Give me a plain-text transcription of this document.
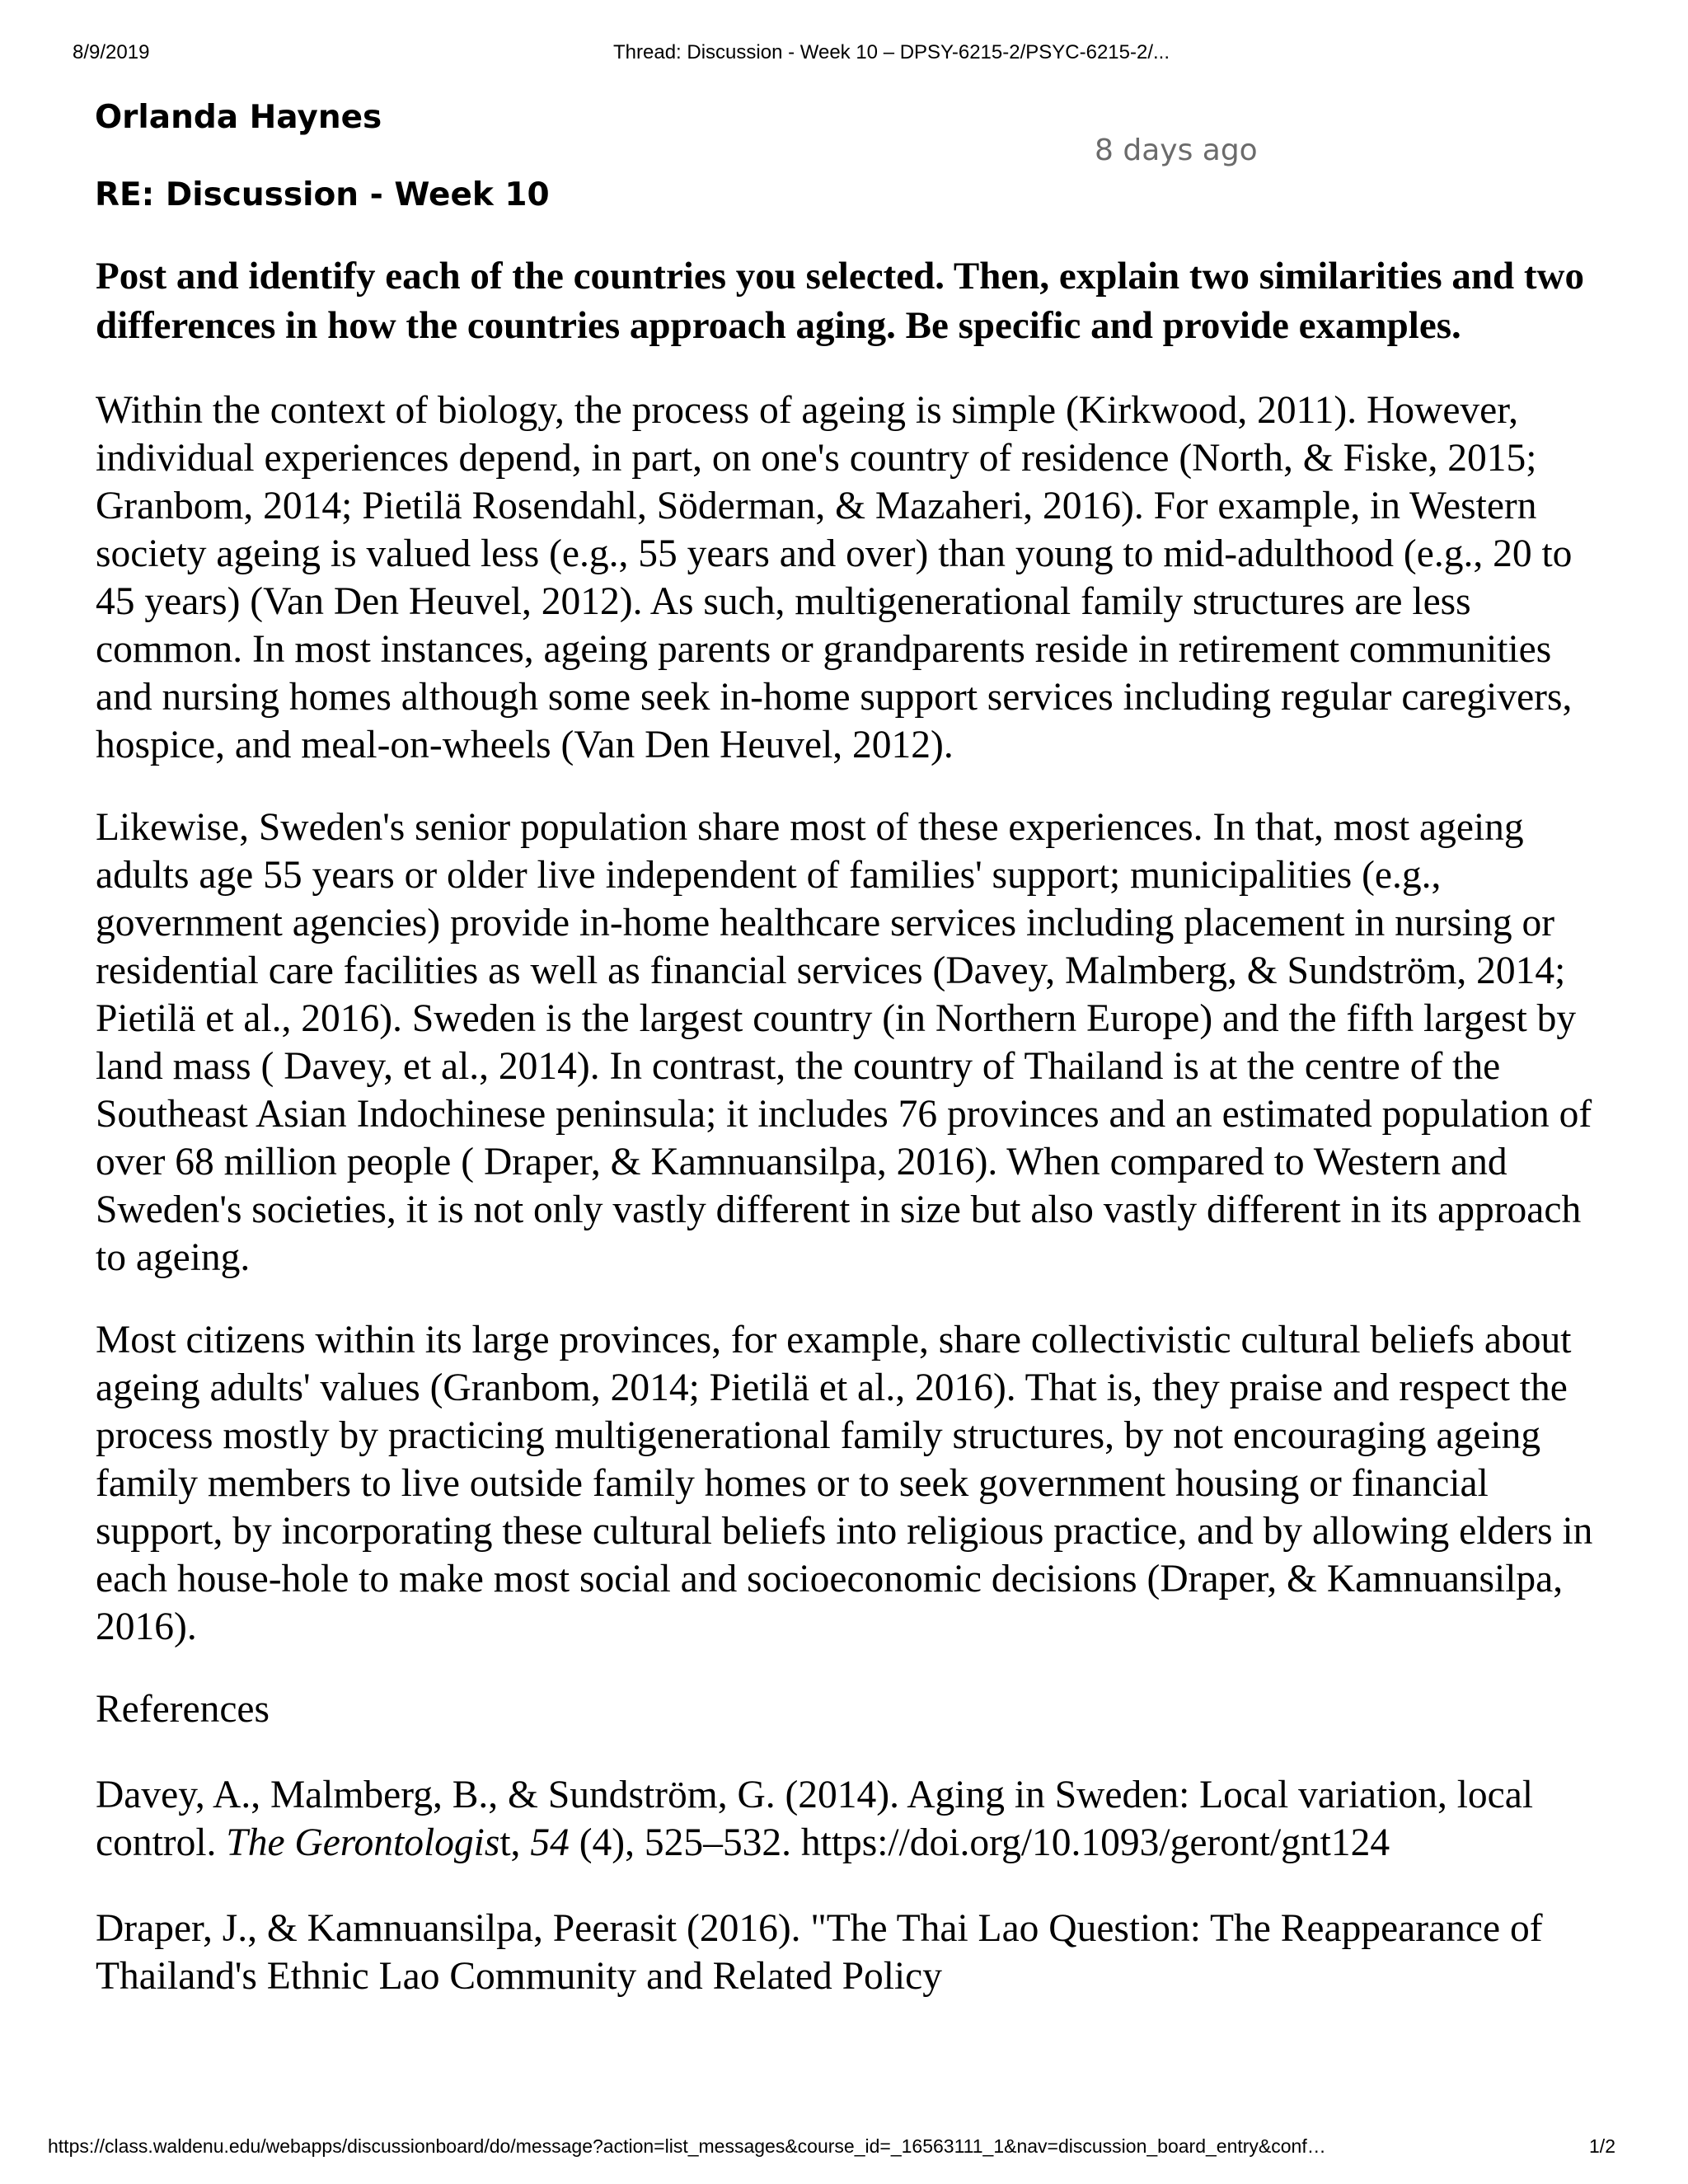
8/9/2019	Thread: Discussion - Week 10 – DPSY-6215-2/PSYC-6215-2/...
Orlanda Haynes
8 days ago
RE: Discussion - Week 10

Post and identify each of the countries you selected. Then, explain two similarities and two differences in how the countries approach aging. Be specific and provide examples.

Within the context of biology, the process of ageing is simple (Kirkwood, 2011). However, individual experiences depend, in part, on one's country of residence (North, & Fiske, 2015; Granbom, 2014; Pietilä Rosendahl, Söderman, & Mazaheri, 2016). For example, in Western society ageing is valued less (e.g., 55 years and over) than young to mid-adulthood (e.g., 20 to 45 years) (Van Den Heuvel, 2012). As such, multigenerational family structures are less common. In most instances, ageing parents or grandparents reside in retirement communities and nursing homes although some seek in-home support services including regular caregivers, hospice, and meal-on-wheels (Van Den Heuvel, 2012).

Likewise, Sweden's senior population share most of these experiences. In that, most ageing adults age 55 years or older live independent of families' support; municipalities (e.g., government agencies) provide in-home healthcare services including placement in nursing or residential care facilities as well as financial services (Davey, Malmberg, & Sundström, 2014; Pietilä et al., 2016). Sweden is the largest country (in Northern Europe) and the fifth largest by land mass ( Davey, et al., 2014). In contrast, the country of Thailand is at the centre of the Southeast Asian Indochinese peninsula; it includes 76 provinces and an estimated population of over 68 million people ( Draper, & Kamnuansilpa, 2016). When compared to Western and Sweden's societies, it is not only vastly different in size but also vastly different in its approach to ageing.

Most citizens within its large provinces, for example, share collectivistic cultural beliefs about ageing adults' values (Granbom, 2014; Pietilä et al., 2016). That is, they praise and respect the process mostly by practicing multigenerational family structures, by not encouraging ageing family members to live outside family homes or to seek government housing or financial support, by incorporating these cultural beliefs into religious practice, and by allowing elders in each house-hole to make most social and socioeconomic decisions (Draper, & Kamnuansilpa, 2016).

References

Davey, A., Malmberg, B., & Sundström, G. (2014). Aging in Sweden: Local variation, local control. The Gerontologist, 54 (4), 525–532. https://doi.org/10.1093/geront/gnt124

Draper, J., & Kamnuansilpa, Peerasit (2016). "The Thai Lao Question: The Reappearance of Thailand's Ethnic Lao Community and Related Policy

https://class.waldenu.edu/webapps/discussionboard/do/message?action=list_messages&course_id=_16563111_1&nav=discussion_board_entry&conf…	1/2
